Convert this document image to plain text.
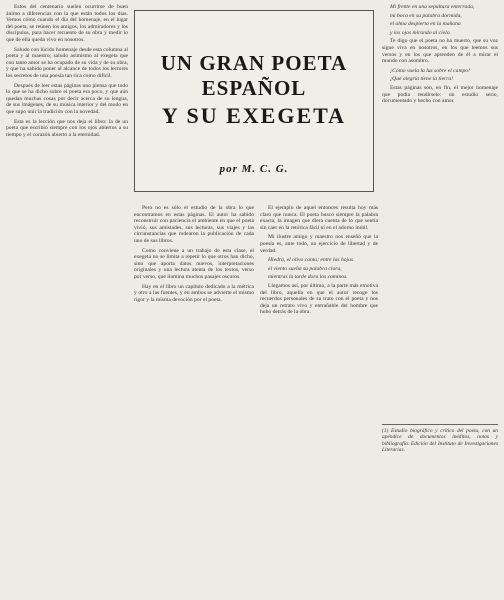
Estos del centenario suelen ocurrirse de buen ánimo a diferencias con la que están todos los días. Vemos cómo cuando el día del homenaje, en el lugar del poeta, se reúnen los amigos, los admiradores y los discípulos, para hacer recuento de su obra y medir lo que de ella queda vivo en nosotros.

Saludo con lúcido homenaje desde esta columna al poeta y al maestro; saludo asimismo al exegeta que con tanto amor se ha ocupado de su vida y de su obra, y que ha sabido poner al alcance de todos los lectores los secretos de una poesía tan rica como difícil.

Después de leer estas páginas uno piensa que todo lo que se ha dicho sobre el poeta era poco, y que aún quedan muchas cosas por decir acerca de su lengua, de sus imágenes, de su música interior y del modo en que supo unir la tradición con la novedad.

Esta es la lección que nos deja el libro: la de un poeta que escribió siempre con los ojos abiertos a su tiempo y el corazón abierto a la eternidad.

UN GRAN POETA ESPAÑOL
Y SU EXEGETA
por M. C. G.

Pero no es sólo el estudio de la obra lo que encontramos en estas páginas. El autor ha sabido reconstruir con paciencia el ambiente en que el poeta vivió, sus amistades, sus lecturas, sus viajes y las circunstancias que rodearon la publicación de cada uno de sus libros.

Como conviene a un trabajo de esta clase, el exegeta no se limita a repetir lo que otros han dicho, sino que aporta datos nuevos, interpretaciones originales y una lectura atenta de los textos, verso por verso, que ilumina muchos pasajes oscuros.

Hay en el libro un capítulo dedicado a la métrica y otro a las fuentes, y en ambos se advierte el mismo rigor y la misma devoción por el poeta.

El ejemplo de aquel entonces resulta hoy más claro que nunca. El poeta buscó siempre la palabra exacta, la imagen que diera cuenta de lo que sentía sin caer en la retórica fácil ni en el adorno inútil.

Mi ilustre amigo y maestro nos enseñó que la poesía es, ante todo, un ejercicio de libertad y de verdad.

Hiedra, el olivo canta; entre las hojas

el viento sueña su palabra clara,

mientras la tarde dora los caminos.

Llegamos así, por último, a la parte más emotiva del libro, aquella en que el autor recoge los recuerdos personales de su trato con el poeta y nos deja un retrato vivo y entrañable del hombre que hubo detrás de la obra.

Mi frente en una sepultura enterrada,

mi boca en su palabra dormida,

el alma despierta en la mañana

y los ojos mirando al cielo.

Te digo que el poeta no ha muerto, que su voz sigue viva en nosotros, en los que leemos sus versos y en los que aprenden de él a mirar el mundo con asombro.

¡Cómo vuela la luz sobre el campo!

¡Qué alegría tiene la tierra!

Estas páginas son, en fin, el mejor homenaje que podía rendírsele: un estudio serio, documentado y hecho con amor.

(1) Estudio biográfico y crítico del poeta, con un apéndice de documentos inéditos, notas y bibliografía. Edición del Instituto de Investigaciones Literarias.
